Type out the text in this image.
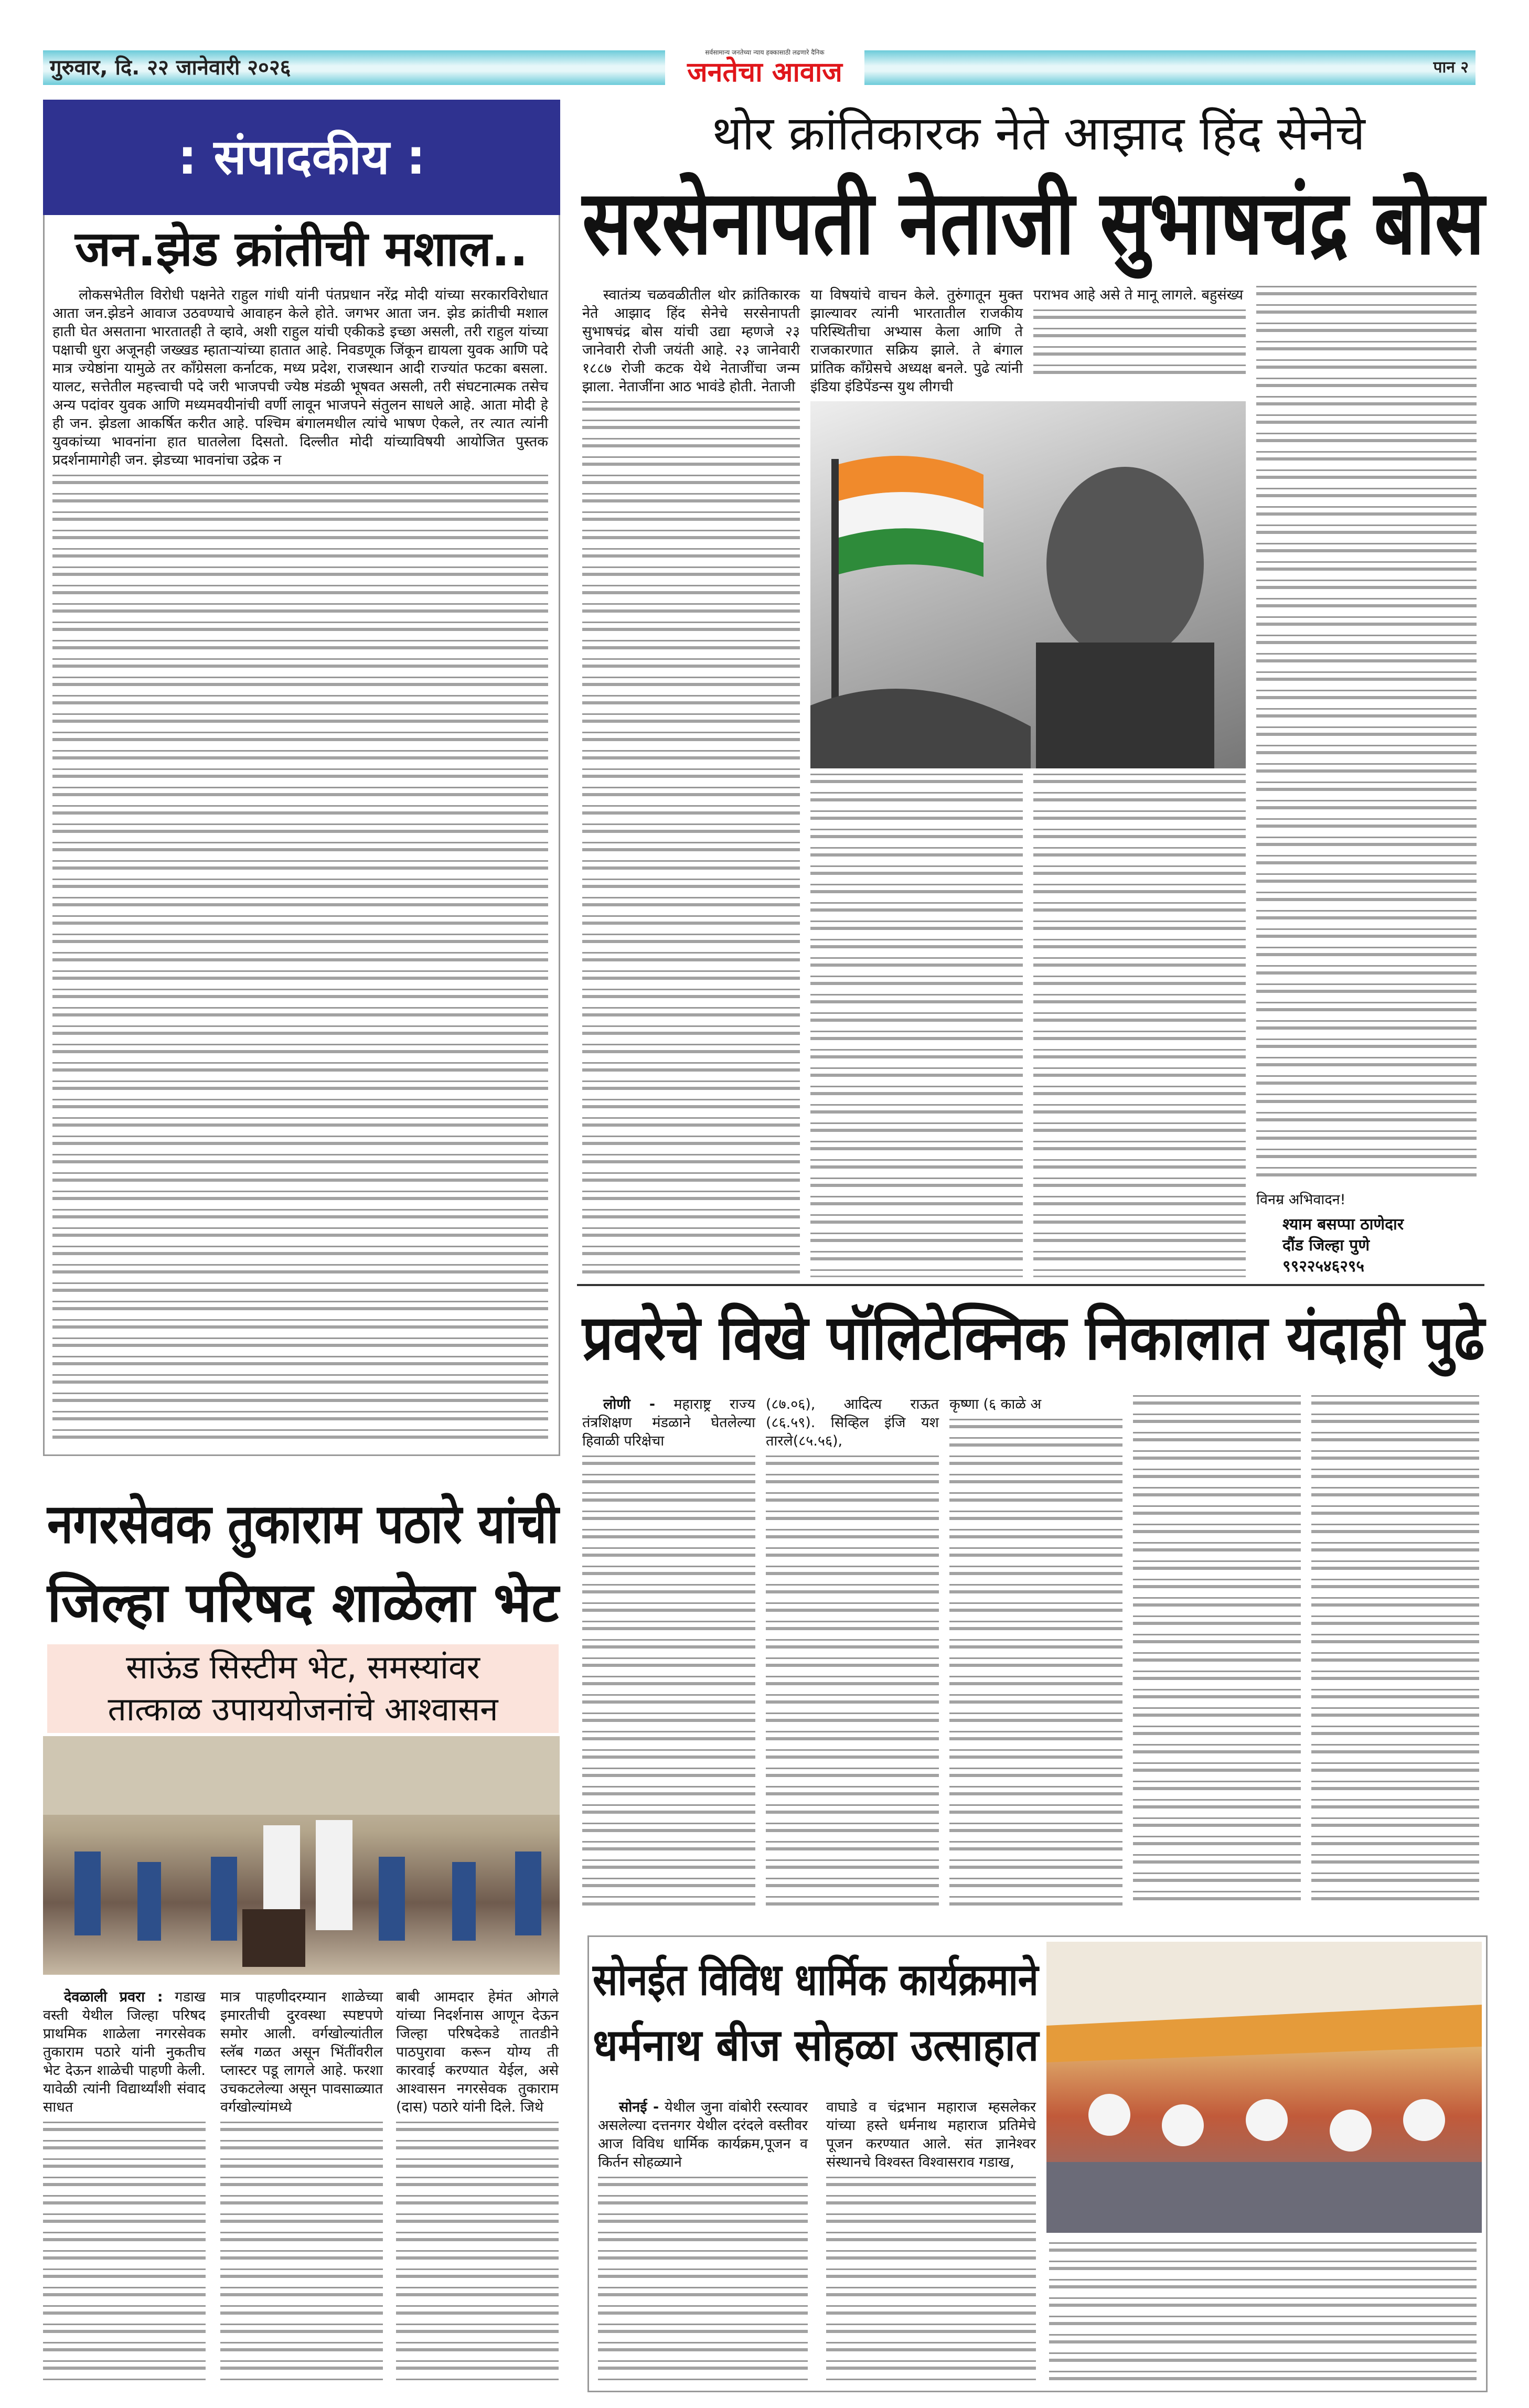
गुरुवार, दि. २२ जानेवारी २०२६
सर्वसामान्य जनतेच्या न्याय हक्कासाठी लढणारे दैनिक
जनतेचा आवाज	पान २
: संपादकीय :
जन.झेड क्रांतीची मशाल..
लोकसभेतील विरोधी पक्षनेते राहुल गांधी यांनी पंतप्रधान नरेंद्र मोदी यांच्या सरकारविरोधात आता जन.झेडने आवाज उठवण्याचे आवाहन केले होते. जगभर आता जन. झेड क्रांतीची मशाल हाती घेत असताना भारतातही ते व्हावे, अशी राहुल यांची एकीकडे इच्छा असली, तरी राहुल यांच्या पक्षाची धुरा अजूनही जख्खड म्हाताऱ्यांच्या हातात आहे. निवडणूक जिंकून द्यायला युवक आणि पदे मात्र ज्येष्ठांना यामुळे तर काँग्रेसला कर्नाटक, मध्य प्रदेश, राजस्थान आदी राज्यांत फटका बसला. यालट, सत्तेतील महत्त्वाची पदे जरी भाजपची ज्येष्ठ मंडळी भूषवत असली, तरी संघटनात्मक तसेच अन्य पदांवर युवक आणि मध्यमवयीनांची वर्णी लावून भाजपने संतुलन साधले आहे. आता मोदी हे ही जन. झेडला आकर्षित करीत आहे. पश्चिम बंगालमधील त्यांचे भाषण ऐकले, तर त्यात त्यांनी युवकांच्या भावनांना हात घातलेला दिसतो. दिल्लीत मोदी यांच्याविषयी आयोजित पुस्तक प्रदर्शनामागेही जन. झेडच्या भावनांचा उद्रेक न
थोर क्रांतिकारक नेते आझाद हिंद सेनेचे
सरसेनापती नेताजी सुभाषचंद्र बोस
स्वातंत्र्य चळवळीतील थोर क्रांतिकारक नेते आझाद हिंद सेनेचे सरसेनापती सुभाषचंद्र बोस यांची उद्या म्हणजे २३ जानेवारी रोजी जयंती आहे. २३ जानेवारी १८८७ रोजी कटक येथे नेताजींचा जन्म झाला. नेताजींना आठ भावंडे होती. नेताजी
या विषयांचे वाचन केले. तुरुंगातून मुक्त झाल्यावर त्यांनी भारतातील राजकीय परिस्थितीचा अभ्यास केला आणि ते राजकारणात सक्रिय झाले. ते बंगाल प्रांतिक काँग्रेसचे अध्यक्ष बनले. पुढे त्यांनी इंडिया इंडिपेंडन्स युथ लीगची
पराभव आहे असे ते मानू लागले. बहुसंख्य
विनम्र अभिवादन!
श्याम बसप्पा ठाणेदार
दौंड जिल्हा पुणे
९९२२५४६२९५
प्रवरेचे विखे पॉलिटेक्निक निकालात यंदाही पुढे
लोणी - महाराष्ट्र राज्य तंत्रशिक्षण मंडळाने घेतलेल्या हिवाळी परिक्षेचा
(८७.०६), आदित्य राऊत (८६.५९). सिव्हिल इंजि यश तारले(८५.५६),
कृष्णा (६ काळे अ
नगरसेवक तुकाराम पठारे यांची
जिल्हा परिषद शाळेला भेट
साऊंड सिस्टीम भेट, समस्यांवर
तात्काळ उपाययोजनांचे आश्वासन
देवळाली प्रवरा : गडाख वस्ती येथील जिल्हा परिषद प्राथमिक शाळेला नगरसेवक तुकाराम पठारे यांनी नुकतीच भेट देऊन शाळेची पाहणी केली. यावेळी त्यांनी विद्यार्थ्यांशी संवाद साधत
मात्र पाहणीदरम्यान शाळेच्या इमारतीची दुरवस्था स्पष्टपणे समोर आली. वर्गखोल्यांतील स्लॅब गळत असून भिंतींवरील प्लास्टर पडू लागले आहे. फरशा उचकटलेल्या असून पावसाळ्यात वर्गखोल्यांमध्ये
बाबी आमदार हेमंत ओगले यांच्या निदर्शनास आणून देऊन जिल्हा परिषदेकडे तातडीने पाठपुरावा करून योग्य ती कारवाई करण्यात येईल, असे आश्वासन नगरसेवक तुकाराम (दास) पठारे यांनी दिले. जिथे
सोनईत विविध धार्मिक कार्यक्रमाने
धर्मनाथ बीज सोहळा उत्साहात
सोनई - येथील जुना वांबोरी रस्त्यावर असलेल्या दत्तनगर येथील दरंदले वस्तीवर आज विविध धार्मिक कार्यक्रम,पूजन व किर्तन सोहळ्याने
वाघाडे व चंद्रभान महाराज म्हसलेकर यांच्या हस्ते धर्मनाथ महाराज प्रतिमेचे पूजन करण्यात आले. संत ज्ञानेश्वर संस्थानचे विश्वस्त विश्वासराव गडाख,
